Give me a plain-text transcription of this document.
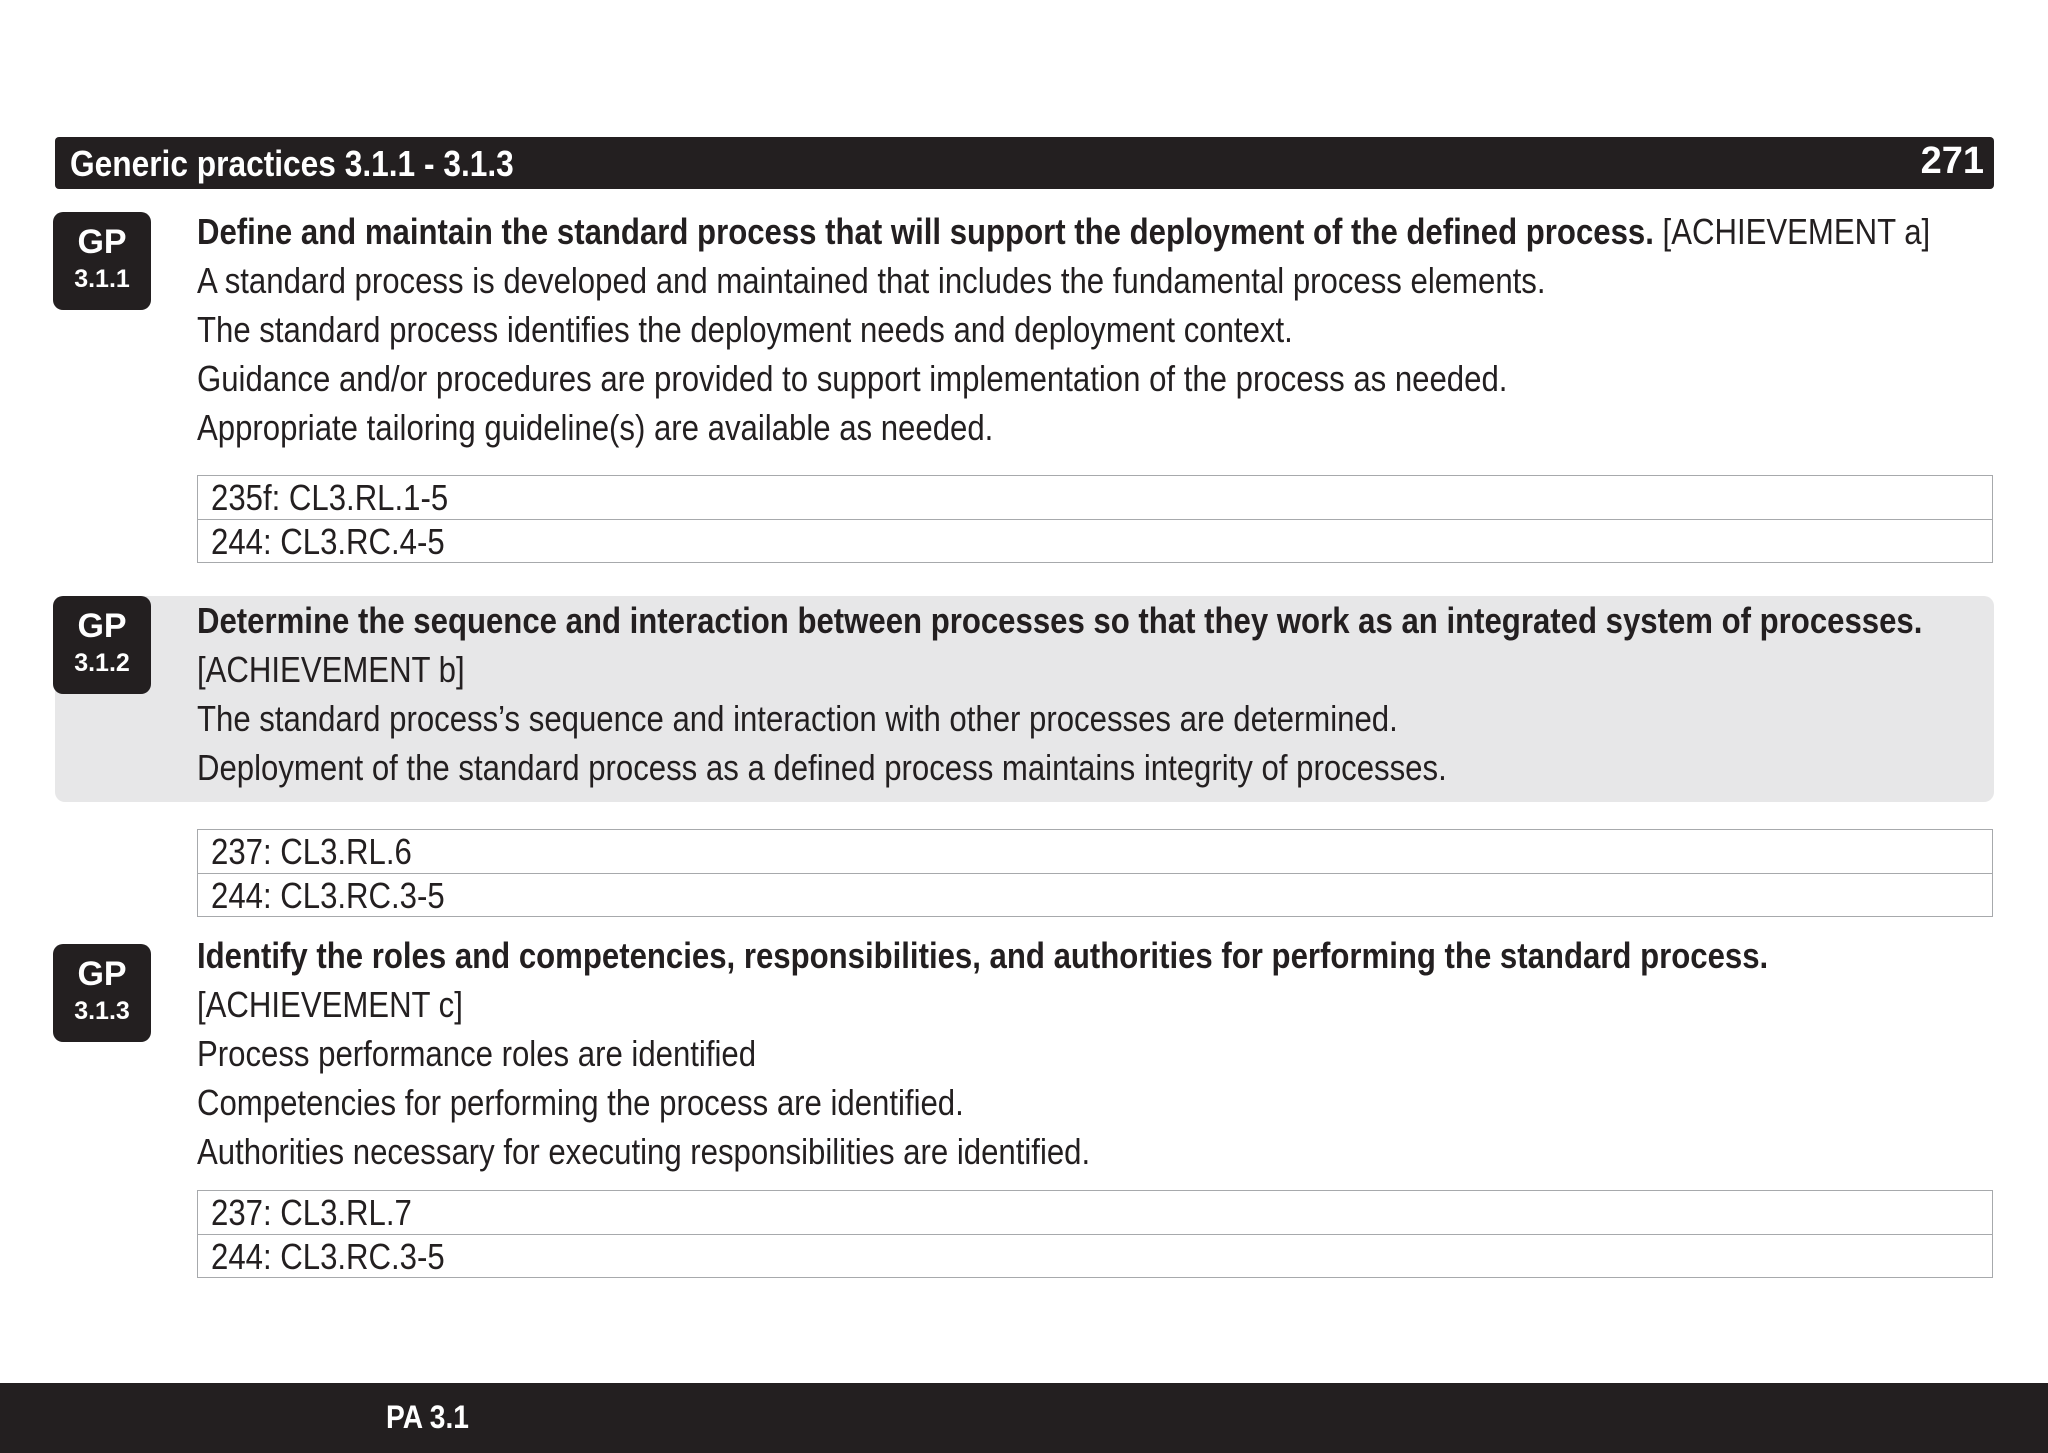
Generic practices 3.1.1 - 3.1.3	271
GP
3.1.1
Define and maintain the standard process that will support the deployment of the defined process. [ACHIEVEMENT a]
A standard process is developed and maintained that includes the fundamental process elements.
The standard process identifies the deployment needs and deployment context.
Guidance and/or procedures are provided to support implementation of the process as needed.
Appropriate tailoring guideline(s) are available as needed.
235f: CL3.RL.1-5
244: CL3.RC.4-5
GP
3.1.2
Determine the sequence and interaction between processes so that they work as an integrated system of processes.
[ACHIEVEMENT b]
The standard process’s sequence and interaction with other processes are determined.
Deployment of the standard process as a defined process maintains integrity of processes.
237: CL3.RL.6
244: CL3.RC.3-5
GP
3.1.3
Identify the roles and competencies, responsibilities, and authorities for performing the standard process.
[ACHIEVEMENT c]
Process performance roles are identified
Competencies for performing the process are identified.
Authorities necessary for executing responsibilities are identified.
237: CL3.RL.7
244: CL3.RC.3-5
PA 3.1
